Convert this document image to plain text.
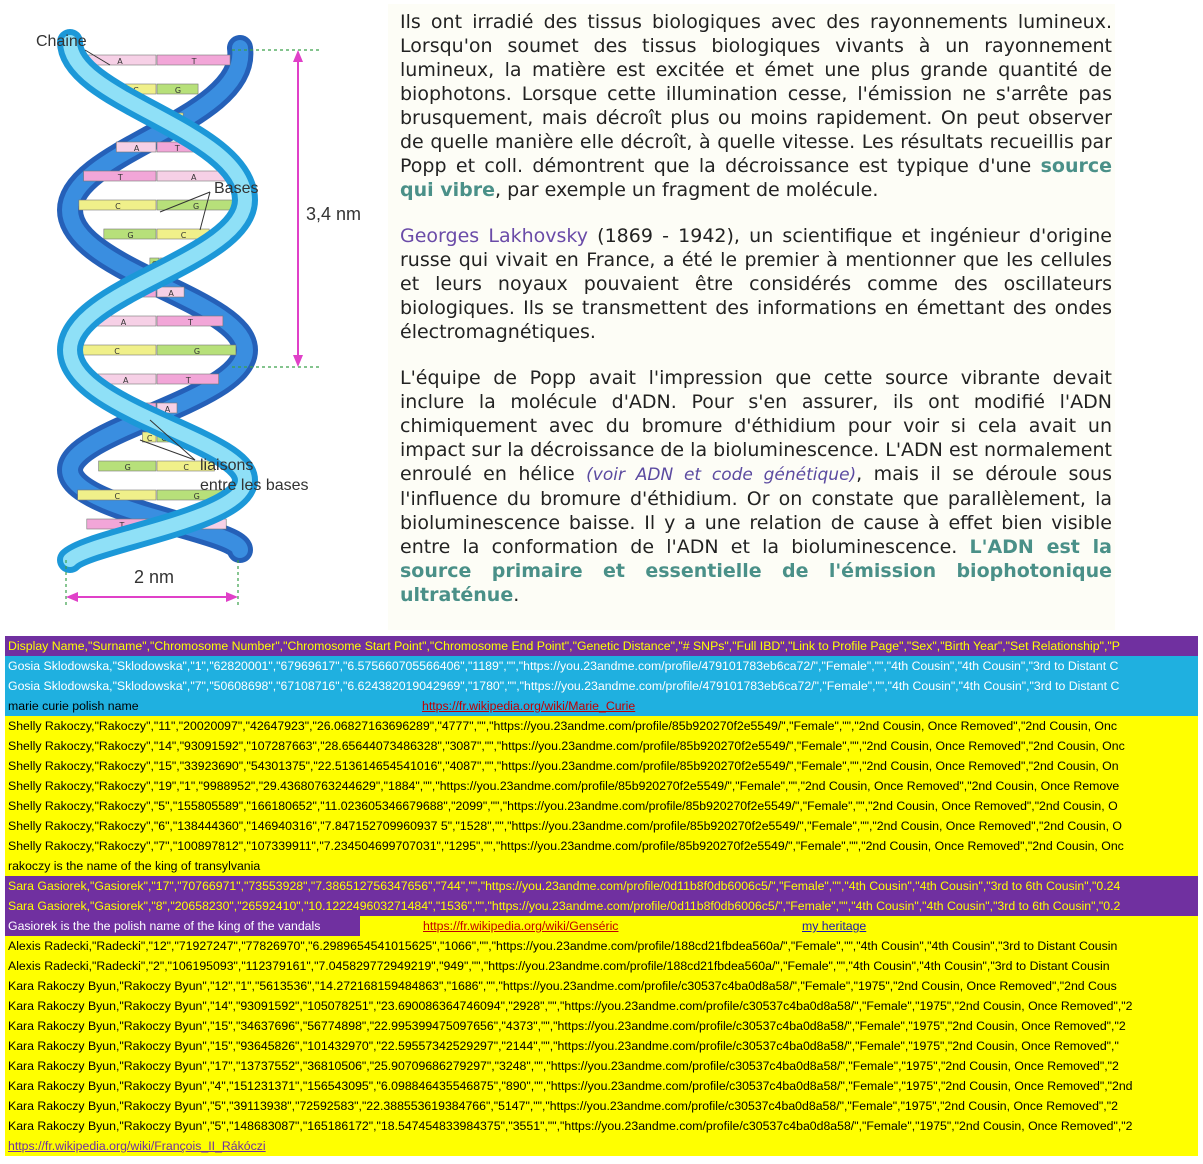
A	T
C	G
G C
A	T
T	A
C	G
G	C
G C
T	A
A	T
C	G
A	T
T A
C G
G	C
C	G
T	A
Chaine
Bases
3,4 nm
liaisons
entre les bases
2 nm

Ils ont irradié des tissus biologiques avec des rayonnements lumineux. Lorsqu'on soumet des tissus biologiques vivants à un rayonnement lumineux, la matière est excitée et émet une plus grande quantité de biophotons. Lorsque cette illumination cesse, l'émission ne s'arrête pas brusquement, mais décroît plus ou moins rapidement. On peut observer de quelle manière elle décroît, à quelle vitesse. Les résultats recueillis par Popp et coll. démontrent que la décroissance est typique d'une source qui vibre, par exemple un fragment de molécule.

Georges Lakhovsky (1869 - 1942), un scientifique et ingénieur d'origine russe qui vivait en France, a été le premier à mentionner que les cellules et leurs noyaux pouvaient être considérés comme des oscillateurs biologiques. Ils se transmettent des informations en émettant des ondes électromagnétiques.

L'équipe de Popp avait l'impression que cette source vibrante devait inclure la molécule d'ADN. Pour s'en assurer, ils ont modifié l'ADN chimiquement avec du bromure d'éthidium pour voir si cela avait un impact sur la décroissance de la bioluminescence. L'ADN est normalement enroulé en hélice (voir ADN et code génétique), mais il se déroule sous l'influence du bromure d'éthidium. Or on constate que parallèlement, la bioluminescence baisse. Il y a une relation de cause à effet bien visible entre la conformation de l'ADN et la bioluminescence. L'ADN est la source primaire et essentielle de l'émission biophotonique ultraténue.

Display Name,"Surname","Chromosome Number","Chromosome Start Point","Chromosome End Point","Genetic Distance","# SNPs","Full IBD","Link to Profile Page","Sex","Birth Year","Set Relationship","P
Gosia Sklodowska,"Sklodowska","1","62820001","67969617","6.575660705566406","1189","","https://you.23andme.com/profile/479101783eb6ca72/","Female","","4th Cousin","4th Cousin","3rd to Distant C
Gosia Sklodowska,"Sklodowska","7","50608698","67108716","6.624382019042969","1780","","https://you.23andme.com/profile/479101783eb6ca72/","Female","","4th Cousin","4th Cousin","3rd to Distant C
marie curie polish name	https://fr.wikipedia.org/wiki/Marie_Curie
Shelly Rakoczy,"Rakoczy","11","20020097","42647923","26.06827163696289","4777","","https://you.23andme.com/profile/85b920270f2e5549/","Female","","2nd Cousin, Once Removed","2nd Cousin, Onc
Shelly Rakoczy,"Rakoczy","14","93091592","107287663","28.65644073486328","3087","","https://you.23andme.com/profile/85b920270f2e5549/","Female","","2nd Cousin, Once Removed","2nd Cousin, Onc
Shelly Rakoczy,"Rakoczy","15","33923690","54301375","22.513614654541016","4087","","https://you.23andme.com/profile/85b920270f2e5549/","Female","","2nd Cousin, Once Removed","2nd Cousin, On
Shelly Rakoczy,"Rakoczy","19","1","9988952","29.43680763244629","1884","","https://you.23andme.com/profile/85b920270f2e5549/","Female","","2nd Cousin, Once Removed","2nd Cousin, Once Remove
Shelly Rakoczy,"Rakoczy","5","155805589","166180652","11.023605346679688","2099","","https://you.23andme.com/profile/85b920270f2e5549/","Female","","2nd Cousin, Once Removed","2nd Cousin, O
Shelly Rakoczy,"Rakoczy","6","138444360","146940316","7.847152709960937 5","1528","","https://you.23andme.com/profile/85b920270f2e5549/","Female","","2nd Cousin, Once Removed","2nd Cousin, O
Shelly Rakoczy,"Rakoczy","7","100897812","107339911","7.234504699707031","1295","","https://you.23andme.com/profile/85b920270f2e5549/","Female","","2nd Cousin, Once Removed","2nd Cousin, Onc
rakoczy is the name of the king of transylvania
Sara Gasiorek,"Gasiorek","17","70766971","73553928","7.386512756347656","744","","https://you.23andme.com/profile/0d11b8f0db6006c5/","Female","","4th Cousin","4th Cousin","3rd to 6th Cousin","0.24
Sara Gasiorek,"Gasiorek","8","20658230","26592410","10.122249603271484","1536","","https://you.23andme.com/profile/0d11b8f0db6006c5/","Female","","4th Cousin","4th Cousin","3rd to 6th Cousin","0.2
Gasiorek is the the polish name of the king of the vandals	https://fr.wikipedia.org/wiki/Genséric	my heritage
Alexis Radecki,"Radecki","12","71927247","77826970","6.2989654541015625","1066","","https://you.23andme.com/profile/188cd21fbdea560a/","Female","","4th Cousin","4th Cousin","3rd to Distant Cousin
Alexis Radecki,"Radecki","2","106195093","112379161","7.045829772949219","949","","https://you.23andme.com/profile/188cd21fbdea560a/","Female","","4th Cousin","4th Cousin","3rd to Distant Cousin
Kara Rakoczy Byun,"Rakoczy Byun","12","1","5613536","14.272168159484863","1686","","https://you.23andme.com/profile/c30537c4ba0d8a58/","Female","1975","2nd Cousin, Once Removed","2nd Cous
Kara Rakoczy Byun,"Rakoczy Byun","14","93091592","105078251","23.690086364746094","2928","","https://you.23andme.com/profile/c30537c4ba0d8a58/","Female","1975","2nd Cousin, Once Removed","2
Kara Rakoczy Byun,"Rakoczy Byun","15","34637696","56774898","22.995399475097656","4373","","https://you.23andme.com/profile/c30537c4ba0d8a58/","Female","1975","2nd Cousin, Once Removed","2
Kara Rakoczy Byun,"Rakoczy Byun","15","93645826","101432970","22.59557342529297","2144","","https://you.23andme.com/profile/c30537c4ba0d8a58/","Female","1975","2nd Cousin, Once Removed","
Kara Rakoczy Byun,"Rakoczy Byun","17","13737552","36810506","25.90709686279297","3248","","https://you.23andme.com/profile/c30537c4ba0d8a58/","Female","1975","2nd Cousin, Once Removed","2
Kara Rakoczy Byun,"Rakoczy Byun","4","151231371","156543095","6.098846435546875","890","","https://you.23andme.com/profile/c30537c4ba0d8a58/","Female","1975","2nd Cousin, Once Removed","2nd
Kara Rakoczy Byun,"Rakoczy Byun","5","39113938","72592583","22.388553619384766","5147","","https://you.23andme.com/profile/c30537c4ba0d8a58/","Female","1975","2nd Cousin, Once Removed","2
Kara Rakoczy Byun,"Rakoczy Byun","5","148683087","165186172","18.547454833984375","3551","","https://you.23andme.com/profile/c30537c4ba0d8a58/","Female","1975","2nd Cousin, Once Removed","2
https://fr.wikipedia.org/wiki/François_II_Rákóczi
